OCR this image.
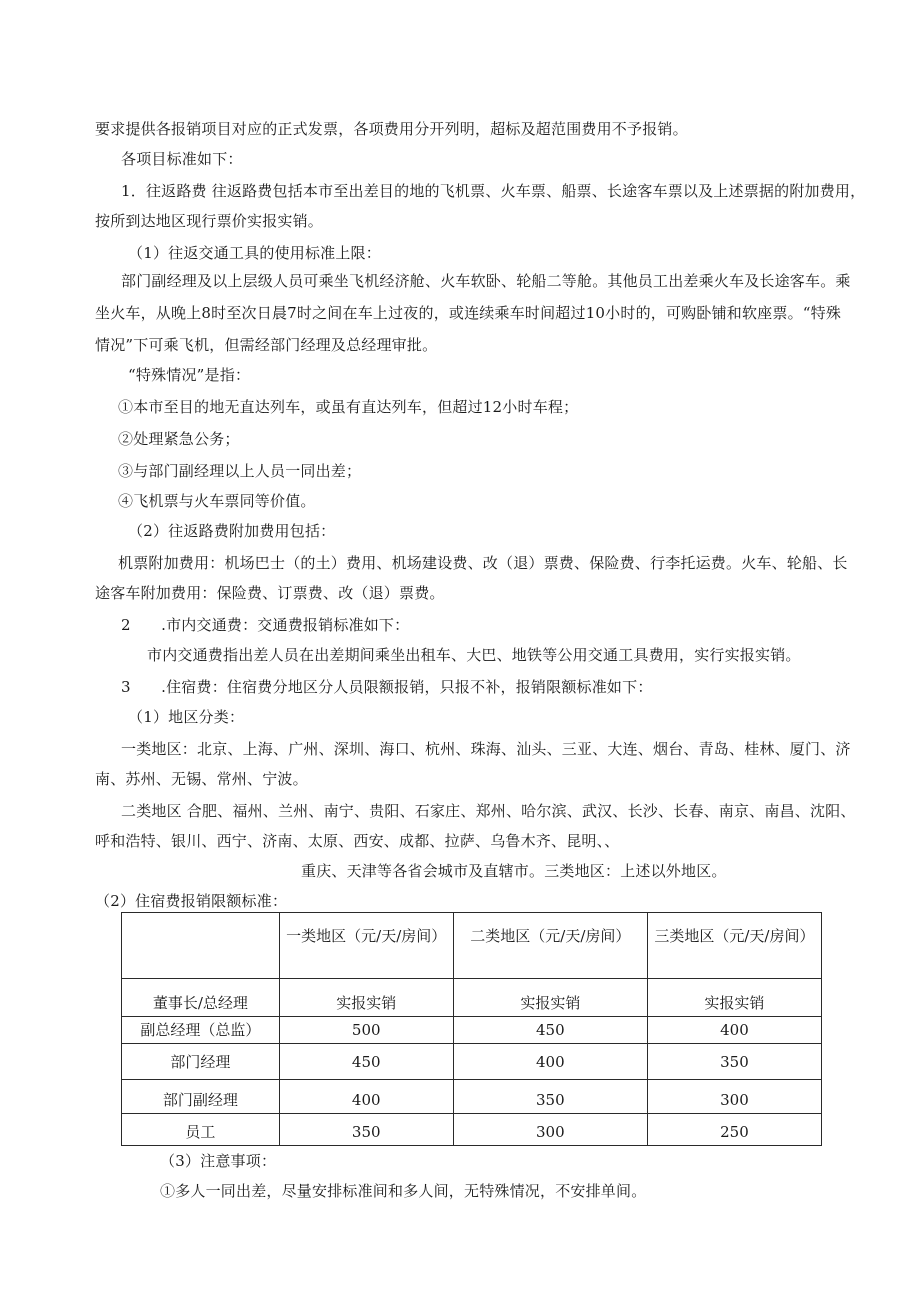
要求提供各报销项目对应的正式发票，各项费用分开列明，超标及超范围费用不予报销。
各项目标准如下：
1．往返路费 往返路费包括本市至出差目的地的飞机票、火车票、船票、长途客车票以及上述票据的附加费用，
按所到达地区现行票价实报实销。
（1）往返交通工具的使用标准上限：
部门副经理及以上层级人员可乘坐飞机经济舱、火车软卧、轮船二等舱。其他员工出差乘火车及长途客车。乘
坐火车，从晚上8时至次日晨7时之间在车上过夜的，或连续乘车时间超过10小时的，可购卧铺和软座票。“特殊
情况”下可乘飞机，但需经部门经理及总经理审批。
“特殊情况”是指：
①本市至目的地无直达列车，或虽有直达列车，但超过12小时车程；
②处理紧急公务；
③与部门副经理以上人员一同出差；
④飞机票与火车票同等价值。
（2）往返路费附加费用包括：
机票附加费用：机场巴士（的土）费用、机场建设费、改（退）票费、保险费、行李托运费。火车、轮船、长
途客车附加费用：保险费、订票费、改（退）票费。
2　　.市内交通费：交通费报销标准如下：
市内交通费指出差人员在出差期间乘坐出租车、大巴、地铁等公用交通工具费用，实行实报实销。
3　　.住宿费：住宿费分地区分人员限额报销，只报不补，报销限额标准如下：
（1）地区分类：
一类地区：北京、上海、广州、深圳、海口、杭州、珠海、汕头、三亚、大连、烟台、青岛、桂林、厦门、济
南、苏州、无锡、常州、宁波。
二类地区 合肥、福州、兰州、南宁、贵阳、石家庄、郑州、哈尔滨、武汉、长沙、长春、南京、南昌、沈阳、
呼和浩特、银川、西宁、济南、太原、西安、成都、拉萨、乌鲁木齐、昆明、、
重庆、天津等各省会城市及直辖市。三类地区：上述以外地区。
（2）住宿费报销限额标准：
	一类地区（元/天/房间）	二类地区（元/天/房间）	三类地区（元/天/房间）
董事长/总经理	实报实销	实报实销	实报实销
副总经理（总监）	500	450	400
部门经理	450	400	350
部门副经理	400	350	300
员工	350	300	250
（3）注意事项：
①多人一同出差，尽量安排标准间和多人间，无特殊情况，不安排单间。
